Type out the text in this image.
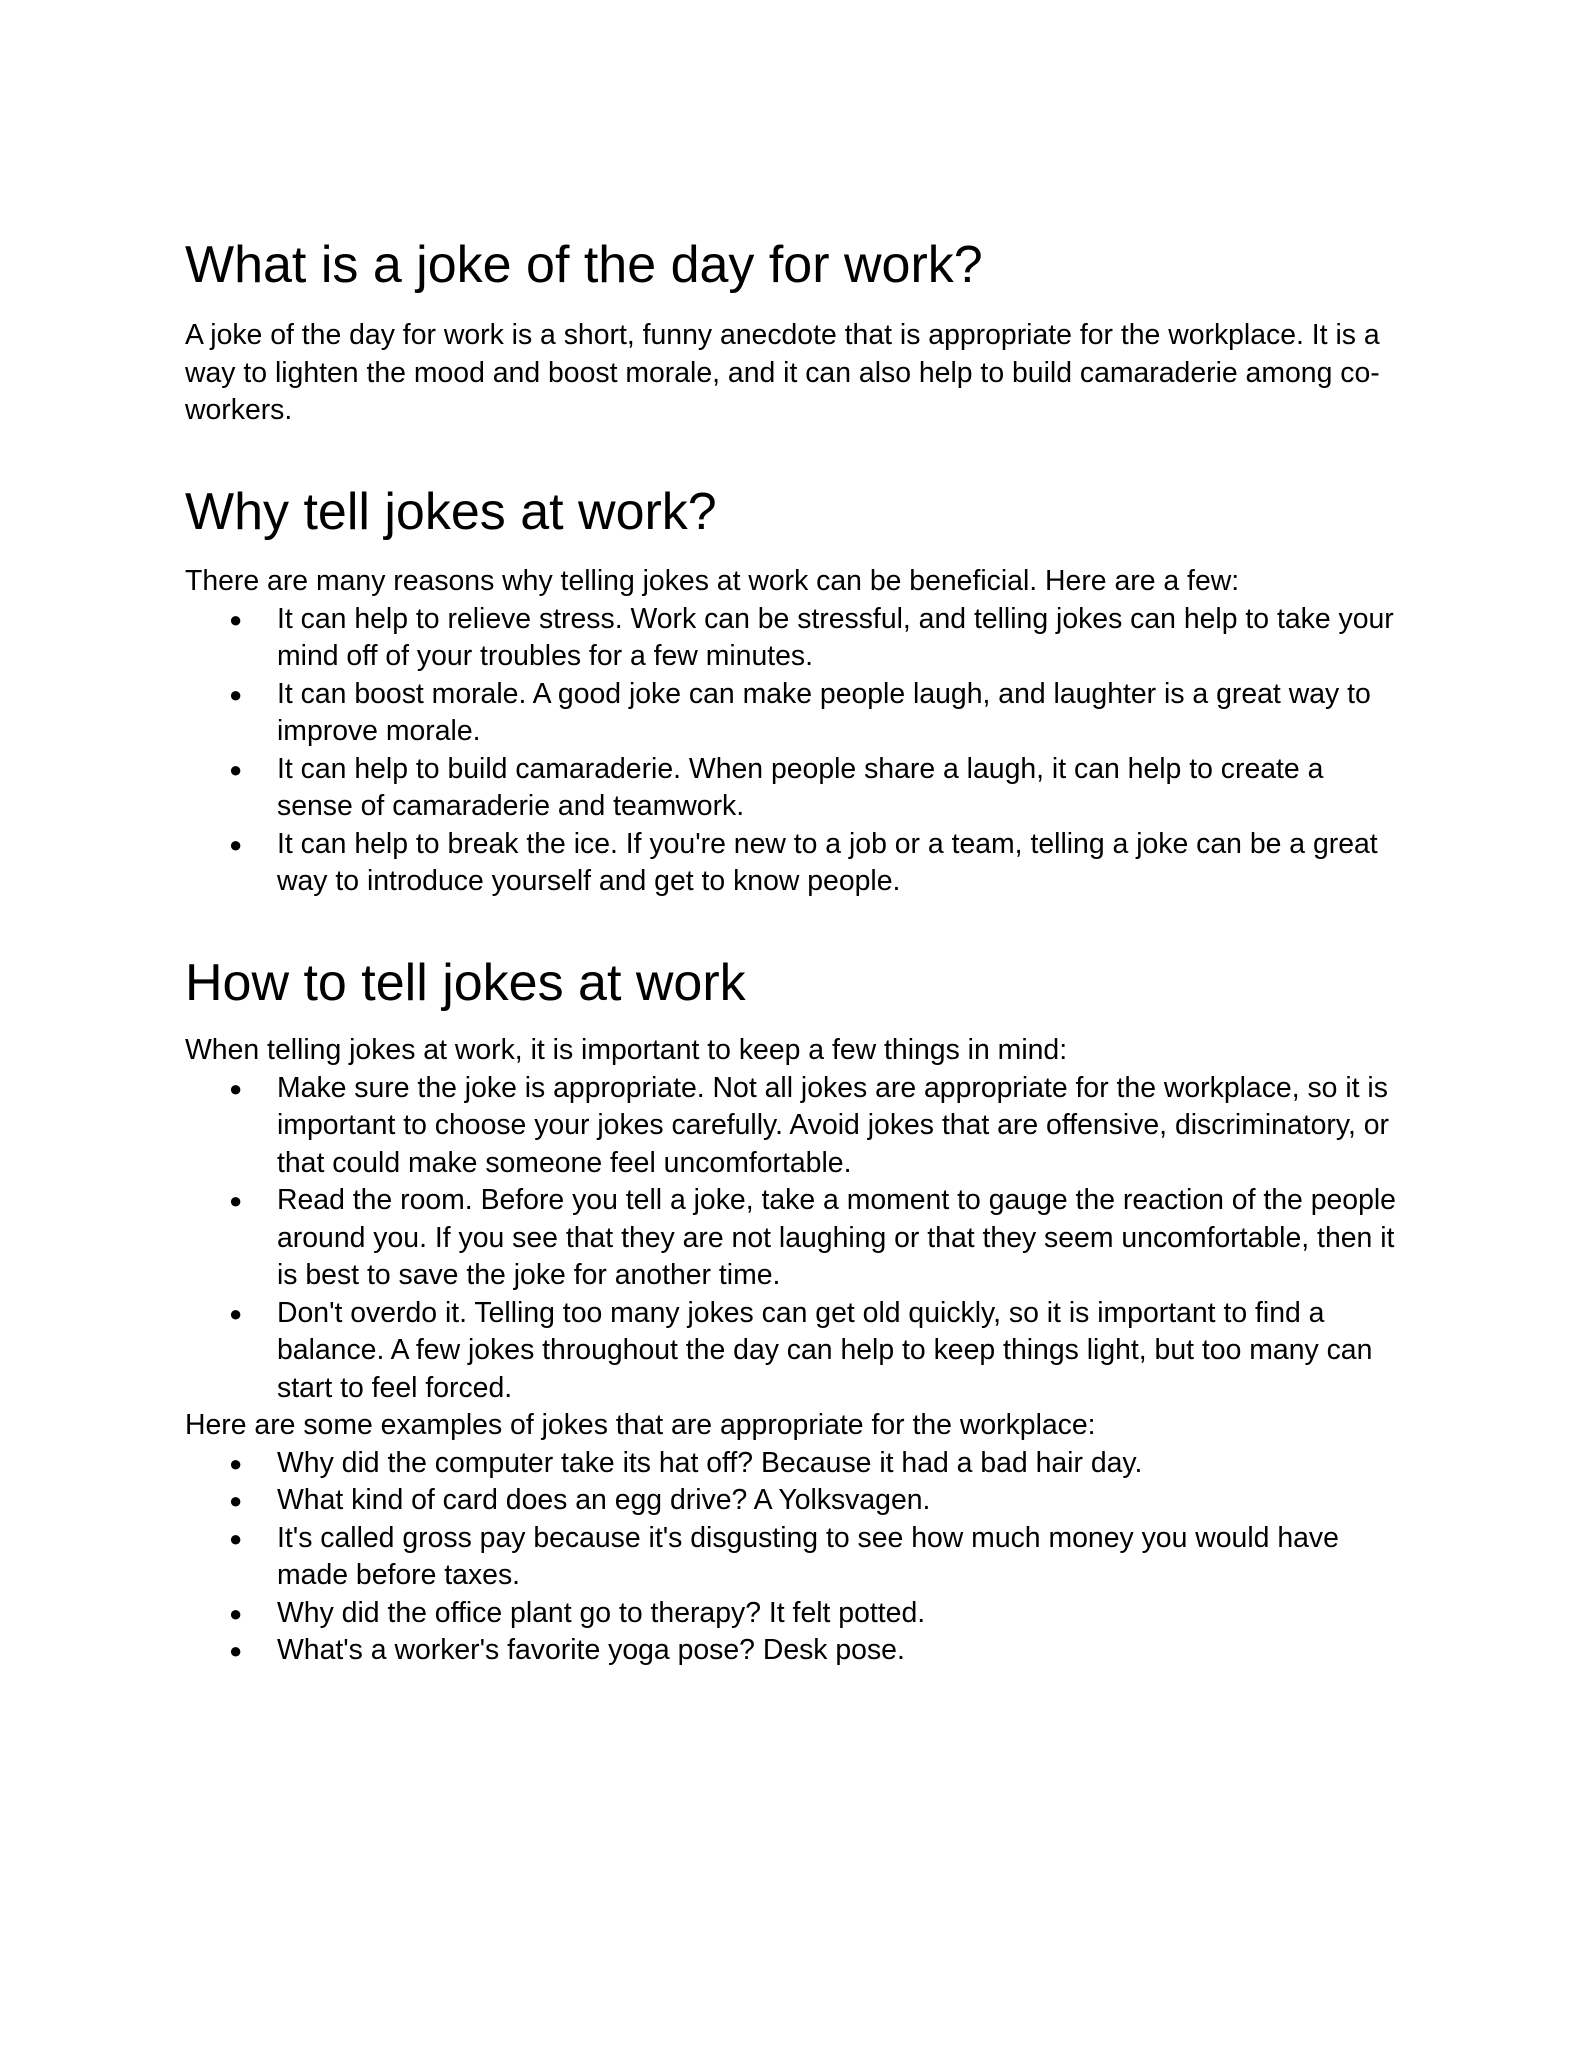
What is a joke of the day for work?

A joke of the day for work is a short, funny anecdote that is appropriate for the workplace. It is a way to lighten the mood and boost morale, and it can also help to build camaraderie among co-workers.

Why tell jokes at work?

There are many reasons why telling jokes at work can be beneficial. Here are a few:

● It can help to relieve stress. Work can be stressful, and telling jokes can help to take your mind off of your troubles for a few minutes.
● It can boost morale. A good joke can make people laugh, and laughter is a great way to improve morale.
● It can help to build camaraderie. When people share a laugh, it can help to create a sense of camaraderie and teamwork.
● It can help to break the ice. If you're new to a job or a team, telling a joke can be a great way to introduce yourself and get to know people.
How to tell jokes at work

When telling jokes at work, it is important to keep a few things in mind:

● Make sure the joke is appropriate. Not all jokes are appropriate for the workplace, so it is important to choose your jokes carefully. Avoid jokes that are offensive, discriminatory, or that could make someone feel uncomfortable.
● Read the room. Before you tell a joke, take a moment to gauge the reaction of the people around you. If you see that they are not laughing or that they seem uncomfortable, then it is best to save the joke for another time.
● Don't overdo it. Telling too many jokes can get old quickly, so it is important to find a balance. A few jokes throughout the day can help to keep things light, but too many can start to feel forced.

Here are some examples of jokes that are appropriate for the workplace:

● Why did the computer take its hat off? Because it had a bad hair day.
● What kind of card does an egg drive? A Yolksvagen.
● It's called gross pay because it's disgusting to see how much money you would have made before taxes.
● Why did the office plant go to therapy? It felt potted.
● What's a worker's favorite yoga pose? Desk pose.
